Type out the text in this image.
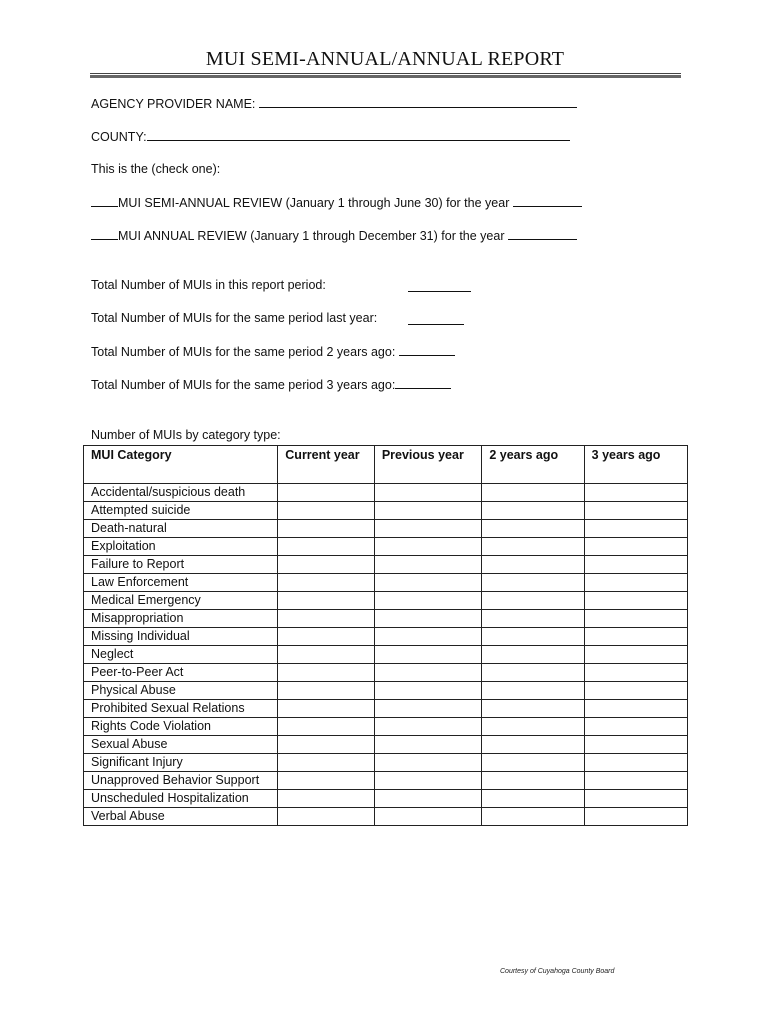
MUI SEMI-ANNUAL/ANNUAL REPORT
AGENCY PROVIDER NAME:
COUNTY:
This is the (check one):
MUI SEMI-ANNUAL REVIEW (January 1 through June 30) for the year
MUI ANNUAL REVIEW (January 1 through December 31) for the year
Total Number of MUIs in this report period:
Total Number of MUIs for the same period last year:
Total Number of MUIs for the same period 2 years ago:
Total Number of MUIs for the same period 3 years ago:
Number of MUIs by category type:
MUI Category	Current year	Previous year	2 years ago	3 years ago
Accidental/suspicious death				
Attempted suicide				
Death-natural				
Exploitation				
Failure to Report				
Law Enforcement				
Medical Emergency				
Misappropriation				
Missing Individual				
Neglect				
Peer-to-Peer Act				
Physical Abuse				
Prohibited Sexual Relations				
Rights Code Violation				
Sexual Abuse				
Significant Injury				
Unapproved Behavior Support				
Unscheduled Hospitalization				
Verbal Abuse				
Courtesy of Cuyahoga County Board
